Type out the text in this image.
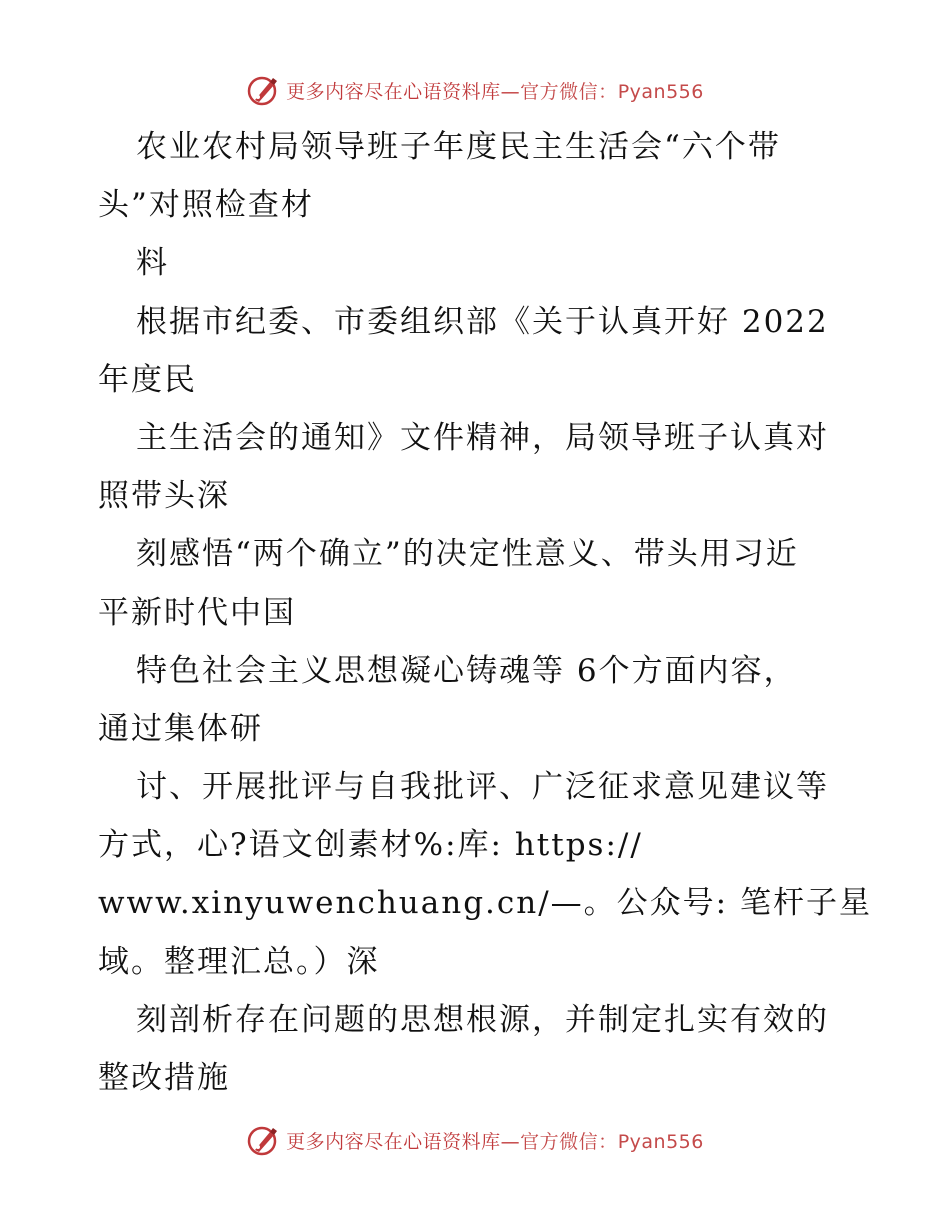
更多内容尽在心语资料库—官方微信：Pyan556
农业农村局领导班子年度民主生活会“六个带
头”对照检查材
料
根据市纪委、市委组织部《关于认真开好 2022
年度民
主生活会的通知》文件精神，局领导班子认真对
照带头深
刻感悟“两个确立”的决定性意义、带头用习近
平新时代中国
特色社会主义思想凝心铸魂等 6个方面内容，
通过集体研
讨、开展批评与自我批评、广泛征求意见建议等
方式，心?语文创素材%:库: https://
www.xinyuwenchuang.cn/—。公众号: 笔杆子星
域。整理汇总。）深
刻剖析存在问题的思想根源，并制定扎实有效的
整改措施
更多内容尽在心语资料库—官方微信：Pyan556
